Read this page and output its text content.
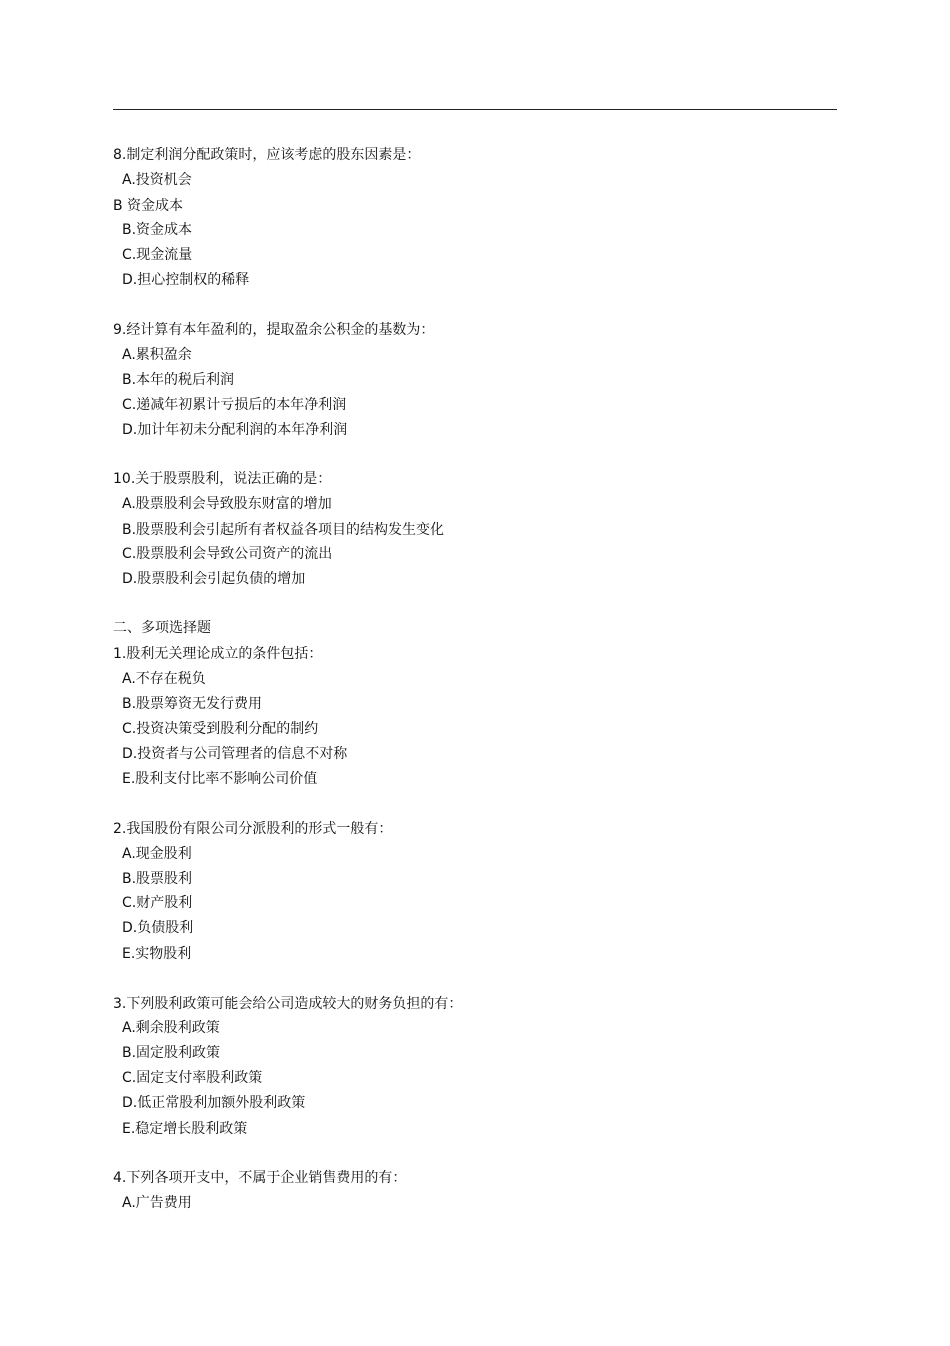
8.制定利润分配政策时，应该考虑的股东因素是：
A.投资机会
B 资金成本
B.资金成本
C.现金流量
D.担心控制权的稀释
9.经计算有本年盈利的，提取盈余公积金的基数为：
A.累积盈余
B.本年的税后利润
C.递减年初累计亏损后的本年净利润
D.加计年初未分配利润的本年净利润
10.关于股票股利，说法正确的是：
A.股票股利会导致股东财富的增加
B.股票股利会引起所有者权益各项目的结构发生变化
C.股票股利会导致公司资产的流出
D.股票股利会引起负债的增加
二、多项选择题
1.股利无关理论成立的条件包括：
A.不存在税负
B.股票筹资无发行费用
C.投资决策受到股利分配的制约
D.投资者与公司管理者的信息不对称
E.股利支付比率不影响公司价值
2.我国股份有限公司分派股利的形式一般有：
A.现金股利
B.股票股利
C.财产股利
D.负债股利
E.实物股利
3.下列股利政策可能会给公司造成较大的财务负担的有：
A.剩余股利政策
B.固定股利政策
C.固定支付率股利政策
D.低正常股利加额外股利政策
E.稳定增长股利政策
4.下列各项开支中，不属于企业销售费用的有：
A.广告费用
